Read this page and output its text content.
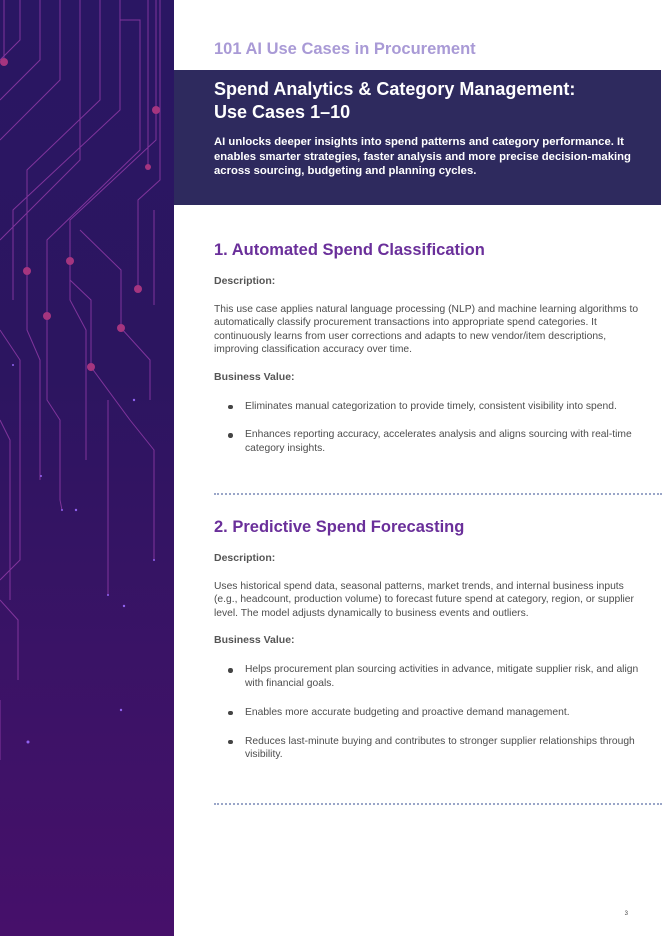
101 AI Use Cases in Procurement

Spend Analytics & Category Management:
Use Cases 1–10

AI unlocks deeper insights into spend patterns and category performance. It enables smarter strategies, faster analysis and more precise decision-making across sourcing, budgeting and planning cycles.

1. Automated Spend Classification

Description:

This use case applies natural language processing (NLP) and machine learning algorithms to automatically classify procurement transactions into appropriate spend categories. It continuously learns from user corrections and adapts to new vendor/item descriptions, improving classification accuracy over time.

Business Value:

Eliminates manual categorization to provide timely, consistent visibility into spend.
Enhances reporting accuracy, accelerates analysis and aligns sourcing with real-time category insights.
2. Predictive Spend Forecasting

Description:

Uses historical spend data, seasonal patterns, market trends, and internal business inputs (e.g., headcount, production volume) to forecast future spend at category, region, or supplier level. The model adjusts dynamically to business events and outliers.

Business Value:

Helps procurement plan sourcing activities in advance, mitigate supplier risk, and align with financial goals.
Enables more accurate budgeting and proactive demand management.
Reduces last-minute buying and contributes to stronger supplier relationships through visibility.
3
